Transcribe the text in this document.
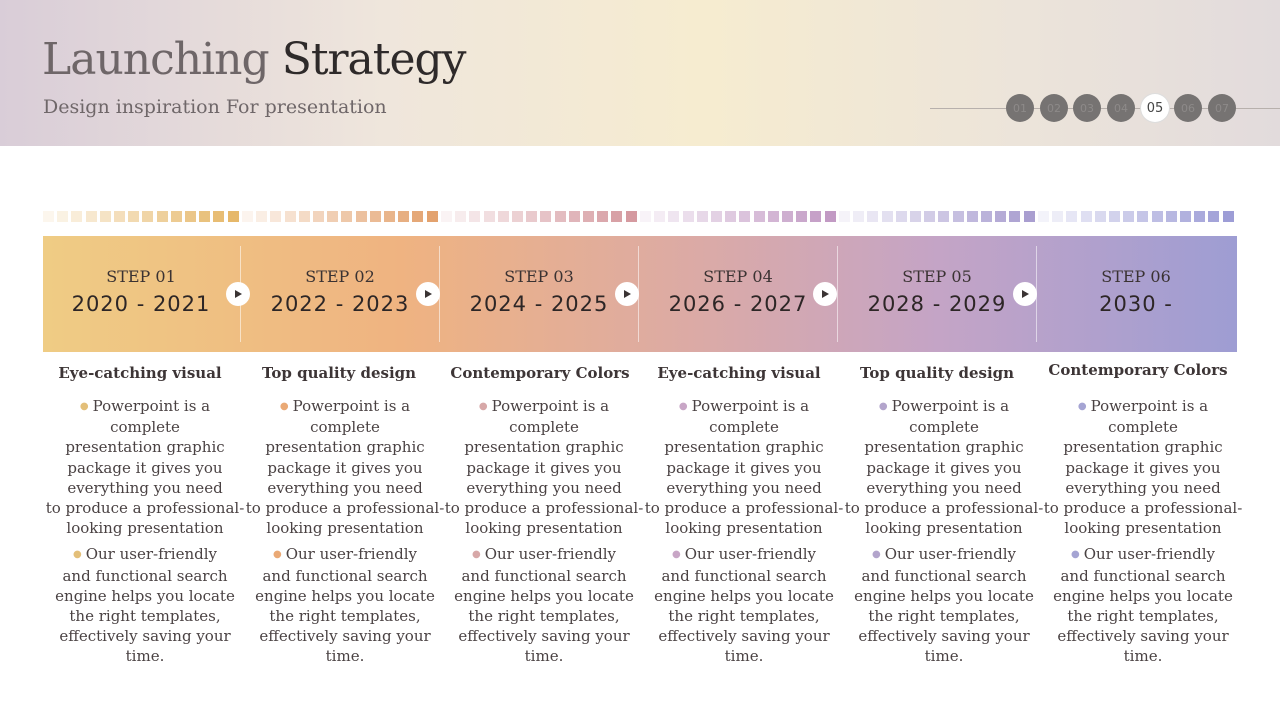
Launching Strategy
Design inspiration For presentation	01	02	03	04	05	06	07
STEP 01
2020 - 2021
STEP 02
2022 - 2023
STEP 03
2024 - 2025
STEP 04
2026 - 2027
STEP 05
2028 - 2029
STEP 06
2030 -

Eye-catching visual

● Powerpoint is a complete
presentation graphic
package it gives you
everything you need
to produce a professional-
looking presentation

● Our user-friendly
and functional search
engine helps you locate
the right templates,
effectively saving your time.

Top quality design

● Powerpoint is a complete
presentation graphic
package it gives you
everything you need
to produce a professional-
looking presentation

● Our user-friendly
and functional search
engine helps you locate
the right templates,
effectively saving your time.

Contemporary Colors

● Powerpoint is a complete
presentation graphic
package it gives you
everything you need
to produce a professional-
looking presentation

● Our user-friendly
and functional search
engine helps you locate
the right templates,
effectively saving your time.

Eye-catching visual

● Powerpoint is a complete
presentation graphic
package it gives you
everything you need
to produce a professional-
looking presentation

● Our user-friendly
and functional search
engine helps you locate
the right templates,
effectively saving your time.

Top quality design

● Powerpoint is a complete
presentation graphic
package it gives you
everything you need
to produce a professional-
looking presentation

● Our user-friendly
and functional search
engine helps you locate
the right templates,
effectively saving your time.

Contemporary Colors

● Powerpoint is a complete
presentation graphic
package it gives you
everything you need
to produce a professional-
looking presentation

● Our user-friendly
and functional search
engine helps you locate
the right templates,
effectively saving your time.
